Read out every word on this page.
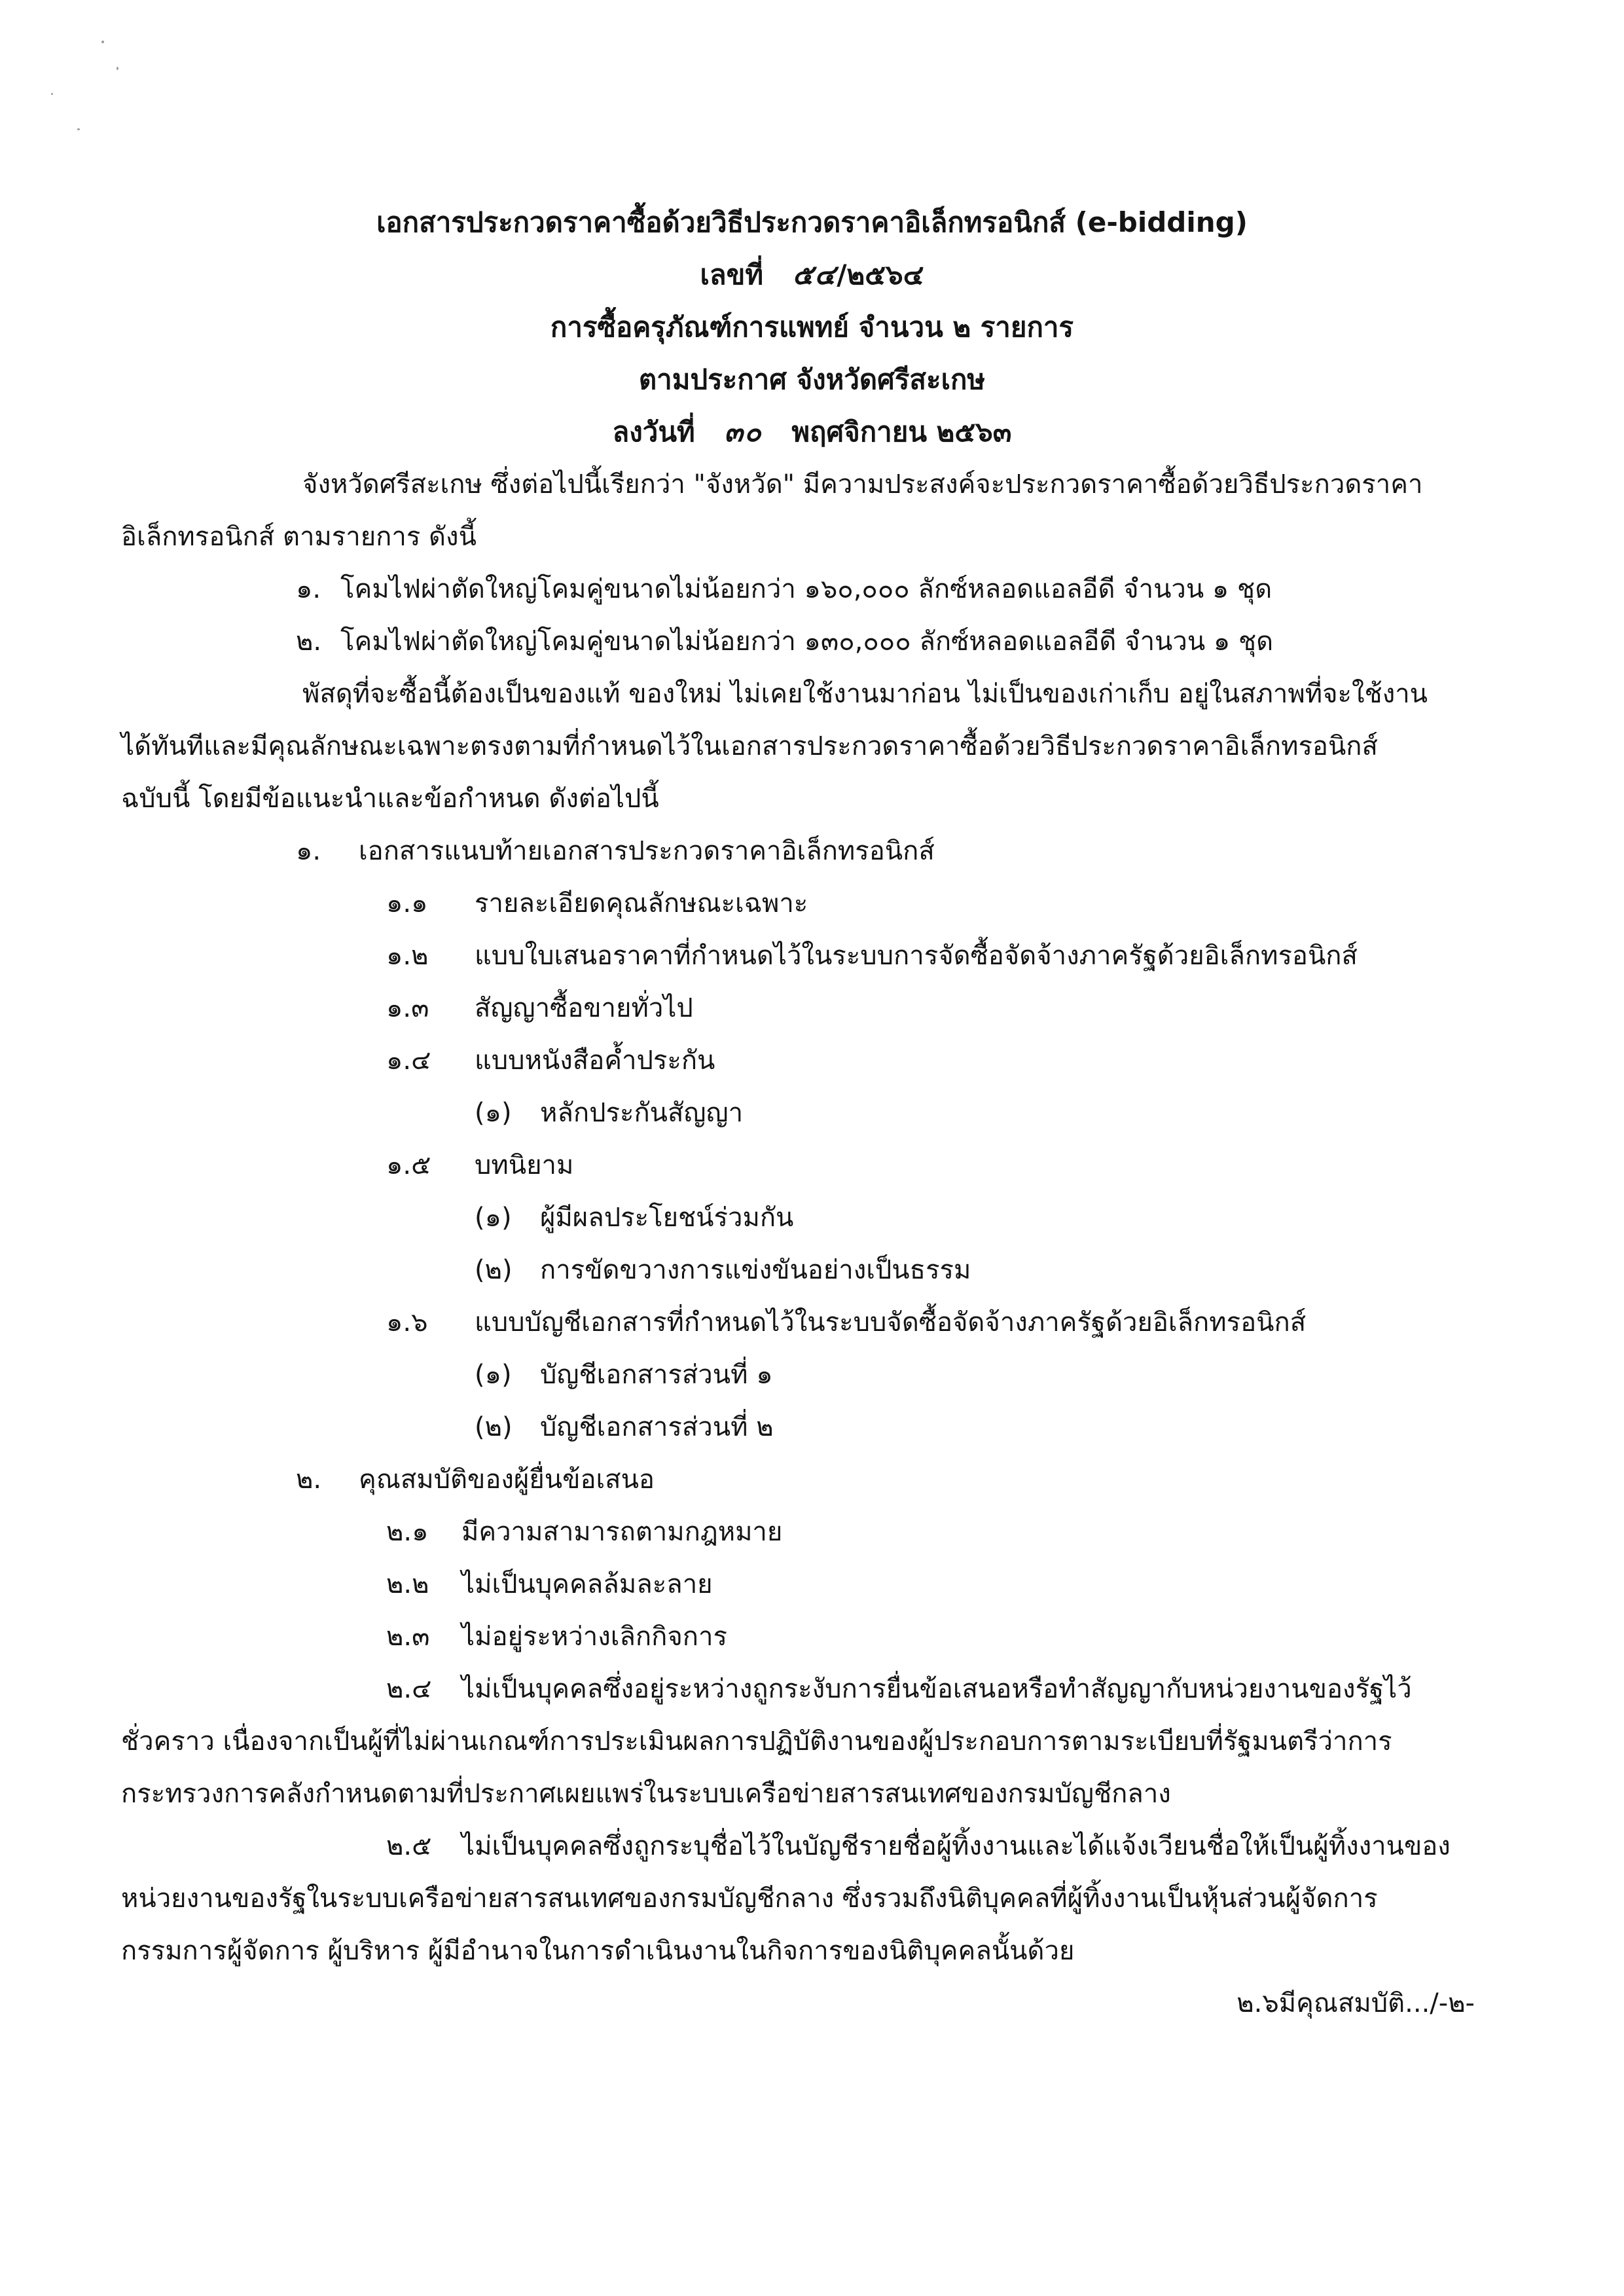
เอกสารประกวดราคาซื้อด้วยวิธีประกวดราคาอิเล็กทรอนิกส์ (e-bidding)
เลขที่ ๕๔/๒๕๖๔
การซื้อครุภัณฑ์การแพทย์ จำนวน ๒ รายการ
ตามประกาศ จังหวัดศรีสะเกษ
ลงวันที่ ๓๐ พฤศจิกายน ๒๕๖๓
จังหวัดศรีสะเกษ ซึ่งต่อไปนี้เรียกว่า "จังหวัด" มีความประสงค์จะประกวดราคาซื้อด้วยวิธีประกวดราคา
อิเล็กทรอนิกส์ ตามรายการ ดังนี้
๑. โคมไฟผ่าตัดใหญ่โคมคู่ขนาดไม่น้อยกว่า ๑๖๐,๐๐๐ ลักซ์หลอดแอลอีดี จำนวน ๑ ชุด
๒. โคมไฟผ่าตัดใหญ่โคมคู่ขนาดไม่น้อยกว่า ๑๓๐,๐๐๐ ลักซ์หลอดแอลอีดี จำนวน ๑ ชุด
พัสดุที่จะซื้อนี้ต้องเป็นของแท้ ของใหม่ ไม่เคยใช้งานมาก่อน ไม่เป็นของเก่าเก็บ อยู่ในสภาพที่จะใช้งาน
ได้ทันทีและมีคุณลักษณะเฉพาะตรงตามที่กำหนดไว้ในเอกสารประกวดราคาซื้อด้วยวิธีประกวดราคาอิเล็กทรอนิกส์
ฉบับนี้ โดยมีข้อแนะนำและข้อกำหนด ดังต่อไปนี้
๑. เอกสารแนบท้ายเอกสารประกวดราคาอิเล็กทรอนิกส์
๑.๑ รายละเอียดคุณลักษณะเฉพาะ
๑.๒ แบบใบเสนอราคาที่กำหนดไว้ในระบบการจัดซื้อจัดจ้างภาครัฐด้วยอิเล็กทรอนิกส์
๑.๓ สัญญาซื้อขายทั่วไป
๑.๔ แบบหนังสือค้ำประกัน
(๑) หลักประกันสัญญา
๑.๕ บทนิยาม
(๑) ผู้มีผลประโยชน์ร่วมกัน
(๒) การขัดขวางการแข่งขันอย่างเป็นธรรม
๑.๖ แบบบัญชีเอกสารที่กำหนดไว้ในระบบจัดซื้อจัดจ้างภาครัฐด้วยอิเล็กทรอนิกส์
(๑) บัญชีเอกสารส่วนที่ ๑
(๒) บัญชีเอกสารส่วนที่ ๒
๒. คุณสมบัติของผู้ยื่นข้อเสนอ
๒.๑ มีความสามารถตามกฎหมาย
๒.๒ ไม่เป็นบุคคลล้มละลาย
๒.๓ ไม่อยู่ระหว่างเลิกกิจการ
๒.๔ ไม่เป็นบุคคลซึ่งอยู่ระหว่างถูกระงับการยื่นข้อเสนอหรือทำสัญญากับหน่วยงานของรัฐไว้
ชั่วคราว เนื่องจากเป็นผู้ที่ไม่ผ่านเกณฑ์การประเมินผลการปฏิบัติงานของผู้ประกอบการตามระเบียบที่รัฐมนตรีว่าการ
กระทรวงการคลังกำหนดตามที่ประกาศเผยแพร่ในระบบเครือข่ายสารสนเทศของกรมบัญชีกลาง
๒.๕ ไม่เป็นบุคคลซึ่งถูกระบุชื่อไว้ในบัญชีรายชื่อผู้ทิ้งงานและได้แจ้งเวียนชื่อให้เป็นผู้ทิ้งงานของ
หน่วยงานของรัฐในระบบเครือข่ายสารสนเทศของกรมบัญชีกลาง ซึ่งรวมถึงนิติบุคคลที่ผู้ทิ้งงานเป็นหุ้นส่วนผู้จัดการ
กรรมการผู้จัดการ ผู้บริหาร ผู้มีอำนาจในการดำเนินงานในกิจการของนิติบุคคลนั้นด้วย
๒.๖มีคุณสมบัติ.../-๒-
